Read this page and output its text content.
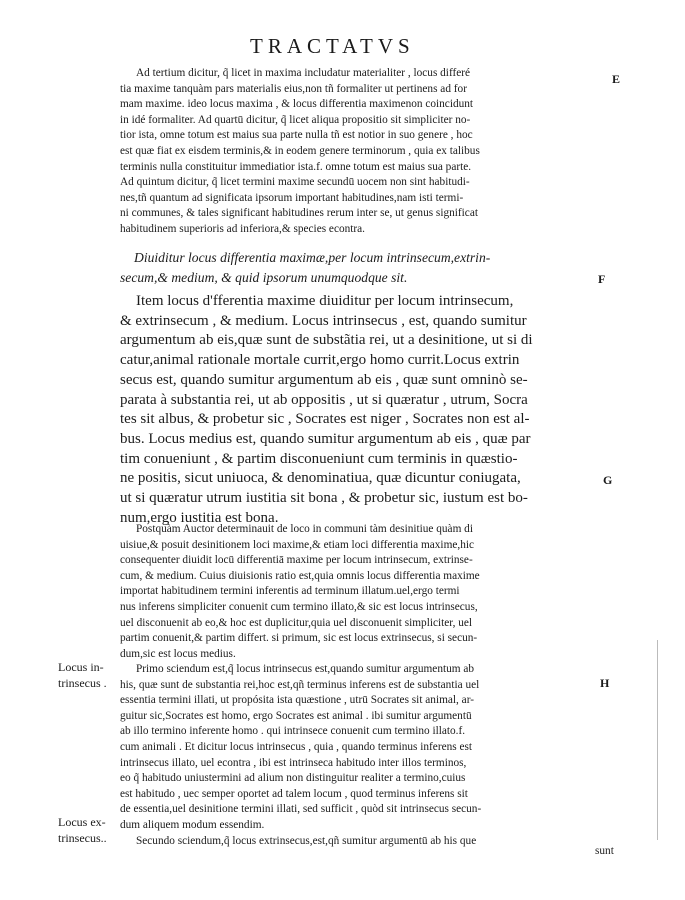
TRACTATVS
Ad tertium dicitur, q̃ licet in maxima includatur materialiter , locus differé
tia maxime tanquàm pars materialis eius,non tñ formaliter ut pertinens ad for
mam maxime. ideo locus maxima , & locus differentia maximenon coincidunt
in idé formaliter. Ad quartū dicitur, q̃ licet aliqua propositio sit simpliciter no-
tior ista, omne totum est maius sua parte nulla tñ est notior in suo genere , hoc
est quæ fiat ex eisdem terminis,& in eodem genere terminorum , quia ex talibus
terminis nulla constituitur immediatior ista.f. omne totum est maius sua parte.
Ad quintum dicitur, q̃ licet termini maxime secundū uocem non sint habitudi-
nes,tñ quantum ad significata ipsorum important habitudines,nam isti termi-
ni communes, & tales significant habitudines rerum inter se, ut genus significat
habitudinem superioris ad inferiora,& species econtra.
Diuiditur locus differentia maximæ,per locum intrinsecum,extrin-
secum,& medium, & quid ipsorum unumquodque sit.
Item locus d'fferentia maxime diuiditur per locum intrinsecum,
& extrinsecum , & medium. Locus intrinsecus , est, quando sumitur
argumentum ab eis,quæ sunt de substãtia rei, ut a desinitione, ut si di
catur,animal rationale mortale currit,ergo homo currit.Locus extrin
secus est, quando sumitur argumentum ab eis , quæ sunt omninò se-
parata à substantia rei, ut ab oppositis , ut si quæratur , utrum, Socra
tes sit albus, & probetur sic , Socrates est niger , Socrates non est al-
bus. Locus medius est, quando sumitur argumentum ab eis , quæ par
tim conueniunt , & partim disconueniunt cum terminis in quæstio-
ne positis, sicut uniuoca, & denominatiua, quæ dicuntur coniugata,
ut si quæratur utrum iustitia sit bona , & probetur sic, iustum est bo-
num,ergo iustitia est bona.
Postquàm Auctor determinauit de loco in communi tàm desinitiue quàm di
uisiue,& posuit desinitionem loci maxime,& etiam loci differentia maxime,hic
consequenter diuidit locū differentiā maxime per locum intrinsecum, extrinse-
cum, & medium. Cuius diuisionis ratio est,quia omnis locus differentia maxime
importat habitudinem termini inferentis ad terminum illatum.uel,ergo termi
nus inferens simpliciter conuenit cum termino illato,& sic est locus intrinsecus,
uel disconuenit ab eo,& hoc est duplicitur,quia uel disconuenit simpliciter, uel
partim conuenit,& partim differt. si primum, sic est locus extrinsecus, si secun-
dum,sic est locus medius.
Primo sciendum est,q̃ locus intrinsecus est,quando sumitur argumentum ab
his, quæ sunt de substantia rei,hoc est,qñ terminus inferens est de substantia uel
essentia termini illati, ut propósita ista quæstione , utrū Socrates sit animal, ar-
guitur sic,Socrates est homo, ergo Socrates est animal . ibi sumitur argumentū
ab illo termino inferente homo . qui intrinsece conuenit cum termino illato.f.
cum animali . Et dicitur locus intrinsecus , quia , quando terminus inferens est
intrinsecus illato, uel econtra , ibi est intrinseca habitudo inter illos terminos,
eo q̃ habitudo uniustermini ad alium non distinguitur realiter a termino,cuius
est habitudo , uec semper oportet ad talem locum , quod terminus inferens sit
de essentia,uel desinitione termini illati, sed sufficit , quòd sit intrinsecus secun-
dum aliquem modum essendim.
Secundo sciendum,q̃ locus extrinsecus,est,qñ sumitur argumentū ab his que
sunt
E
F
G
H
Locus in-
trinsecus .
Locus ex-
trinsecus..
